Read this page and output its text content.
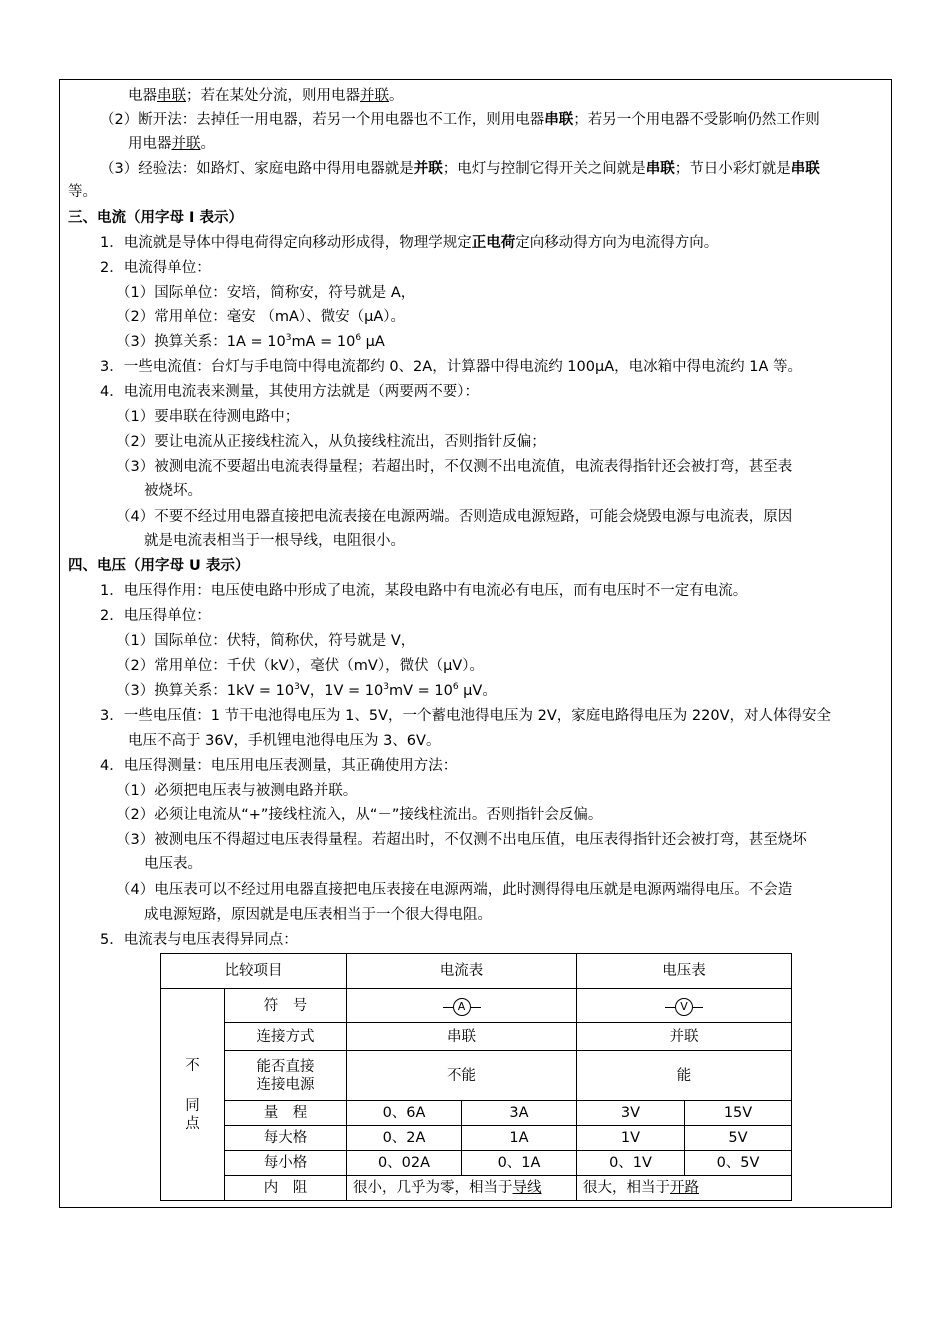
电器串联；若在某处分流，则用电器并联。
（2）断开法：去掉任一用电器，若另一个用电器也不工作，则用电器串联；若另一个用电器不受影响仍然工作则
用电器并联。
（3）经验法：如路灯、家庭电路中得用电器就是并联；电灯与控制它得开关之间就是串联；节日小彩灯就是串联
等。
三、电流（用字母 I 表示）
1．电流就是导体中得电荷得定向移动形成得，物理学规定正电荷定向移动得方向为电流得方向。
2．电流得单位：
（1）国际单位：安培，简称安，符号就是 A，
（2）常用单位：毫安 （mA）、微安（μA）。
（3）换算关系：$1A = 10^3mA = 10^6$ μA
3．一些电流值：台灯与手电筒中得电流都约 0、2A，计算器中得电流约 100μA，电冰箱中得电流约 1A 等。
4．电流用电流表来测量，其使用方法就是（两要两不要）：
（1）要串联在待测电路中；
（2）要让电流从正接线柱流入，从负接线柱流出，否则指针反偏；
（3）被测电流不要超出电流表得量程；若超出时，不仅测不出电流值，电流表得指针还会被打弯，甚至表
被烧坏。
（4）不要不经过用电器直接把电流表接在电源两端。否则造成电源短路，可能会烧毁电源与电流表，原因
就是电流表相当于一根导线，电阻很小。
四、电压（用字母 U 表示）
1．电压得作用：电压使电路中形成了电流，某段电路中有电流必有电压，而有电压时不一定有电流。
2．电压得单位：
（1）国际单位：伏特，简称伏，符号就是 V，
（2）常用单位：千伏（kV），毫伏（mV），微伏（μV）。
（3）换算关系：$1kV = 10^3V$，$1V = 10^3mV = 10^6$ μV。
3．一些电压值：1 节干电池得电压为 1、5V，一个蓄电池得电压为 2V，家庭电路得电压为 220V，对人体得安全
电压不高于 36V，手机锂电池得电压为 3、6V。
4．电压得测量：电压用电压表测量，其正确使用方法：
（1）必须把电压表与被测电路并联。
（2）必须让电流从“+”接线柱流入，从“－”接线柱流出。否则指针会反偏。
（3）被测电压不得超过电压表得量程。若超出时，不仅测不出电压值，电压表得指针还会被打弯，甚至烧坏
电压表。
（4）电压表可以不经过用电器直接把电压表接在电源两端，此时测得得电压就是电源两端得电压。不会造
成电源短路，原因就是电压表相当于一个很大得电阻。
5．电流表与电压表得异同点：
比较项目		电流表		电压表	

不
同
点	符　号	A		V	

	连接方式	串联		并联	

	能否直接
连接电源	不能		能	
	量　程	0、6A	3A	3V	15V
	每大格	0、2A	1A	1V	5V
	每小格	0、02A	0、1A	0、1V	0、5V
	内　阻	很小，几乎为零，相当于导线		很大，相当于开路	
